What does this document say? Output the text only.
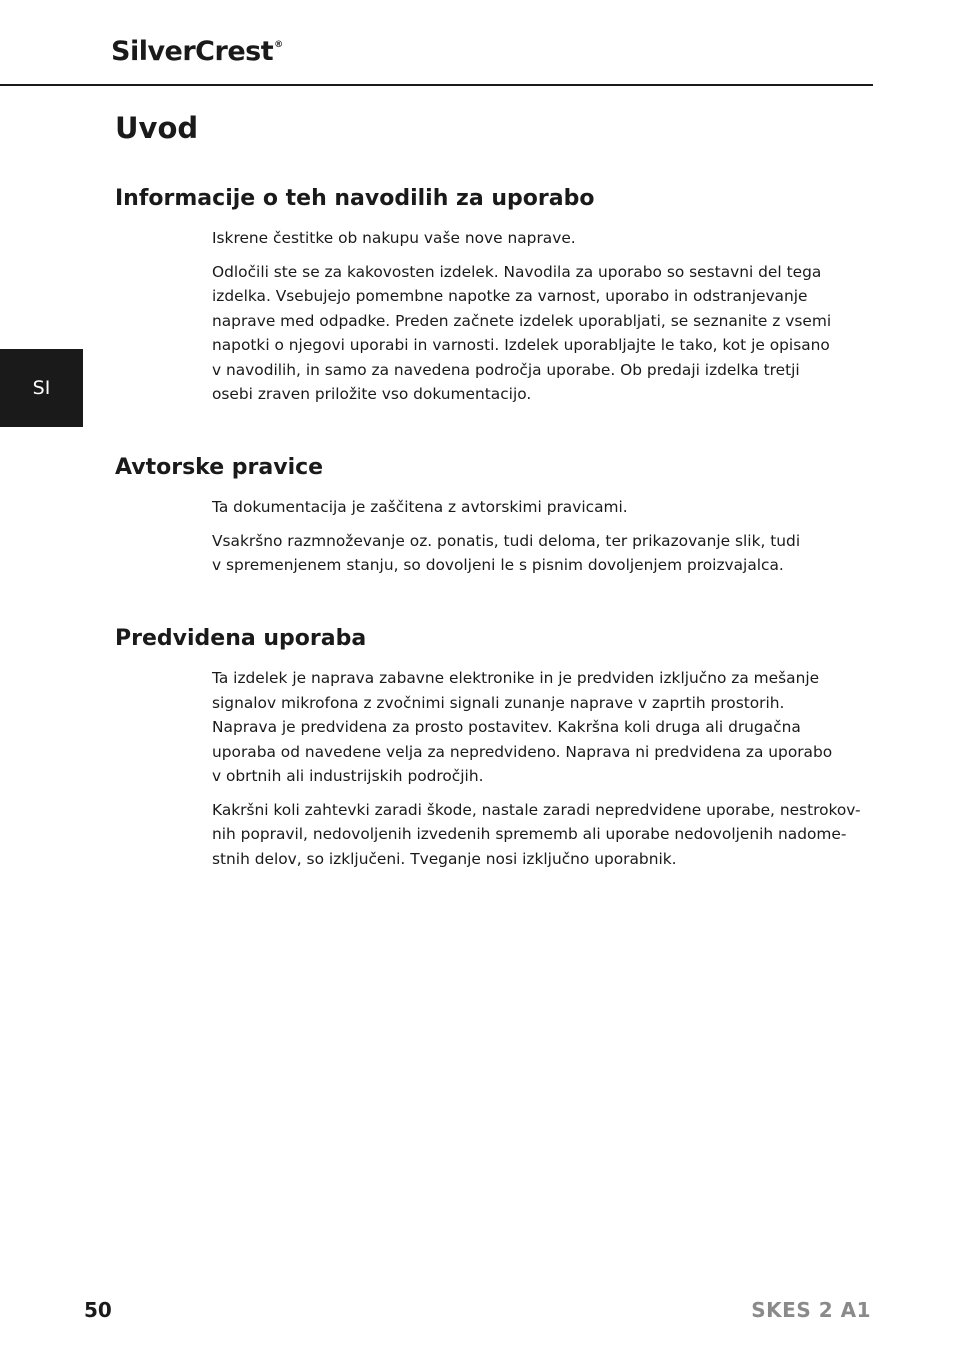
SilverCrest®
SI
Uvod
Informacije o teh navodilih za uporabo

Iskrene čestitke ob nakupu vaše nove naprave.

Odločili ste se za kakovosten izdelek. Navodila za uporabo so sestavni del tega
izdelka. Vsebujejo pomembne napotke za varnost, uporabo in odstranjevanje
naprave med odpadke. Preden začnete izdelek uporabljati, se seznanite z vsemi
napotki o njegovi uporabi in varnosti. Izdelek uporabljajte le tako, kot je opisano
v navodilih, in samo za navedena področja uporabe. Ob predaji izdelka tretji
osebi zraven priložite vso dokumentacijo.

Avtorske pravice

Ta dokumentacija je zaščitena z avtorskimi pravicami.

Vsakršno razmnoževanje oz. ponatis, tudi deloma, ter prikazovanje slik, tudi
v spremenjenem stanju, so dovoljeni le s pisnim dovoljenjem proizvajalca.

Predvidena uporaba

Ta izdelek je naprava zabavne elektronike in je predviden izključno za mešanje
signalov mikrofona z zvočnimi signali zunanje naprave v zaprtih prostorih.
Naprava je predvidena za prosto postavitev. Kakršna koli druga ali drugačna
uporaba od navedene velja za nepredvideno. Naprava ni predvidena za uporabo
v obrtnih ali industrijskih področjih.

Kakršni koli zahtevki zaradi škode, nastale zaradi nepredvidene uporabe, nestrokov-
nih popravil, nedovoljenih izvedenih sprememb ali uporabe nedovoljenih nadome-
stnih delov, so izključeni. Tveganje nosi izključno uporabnik.

50	SKES 2 A1
